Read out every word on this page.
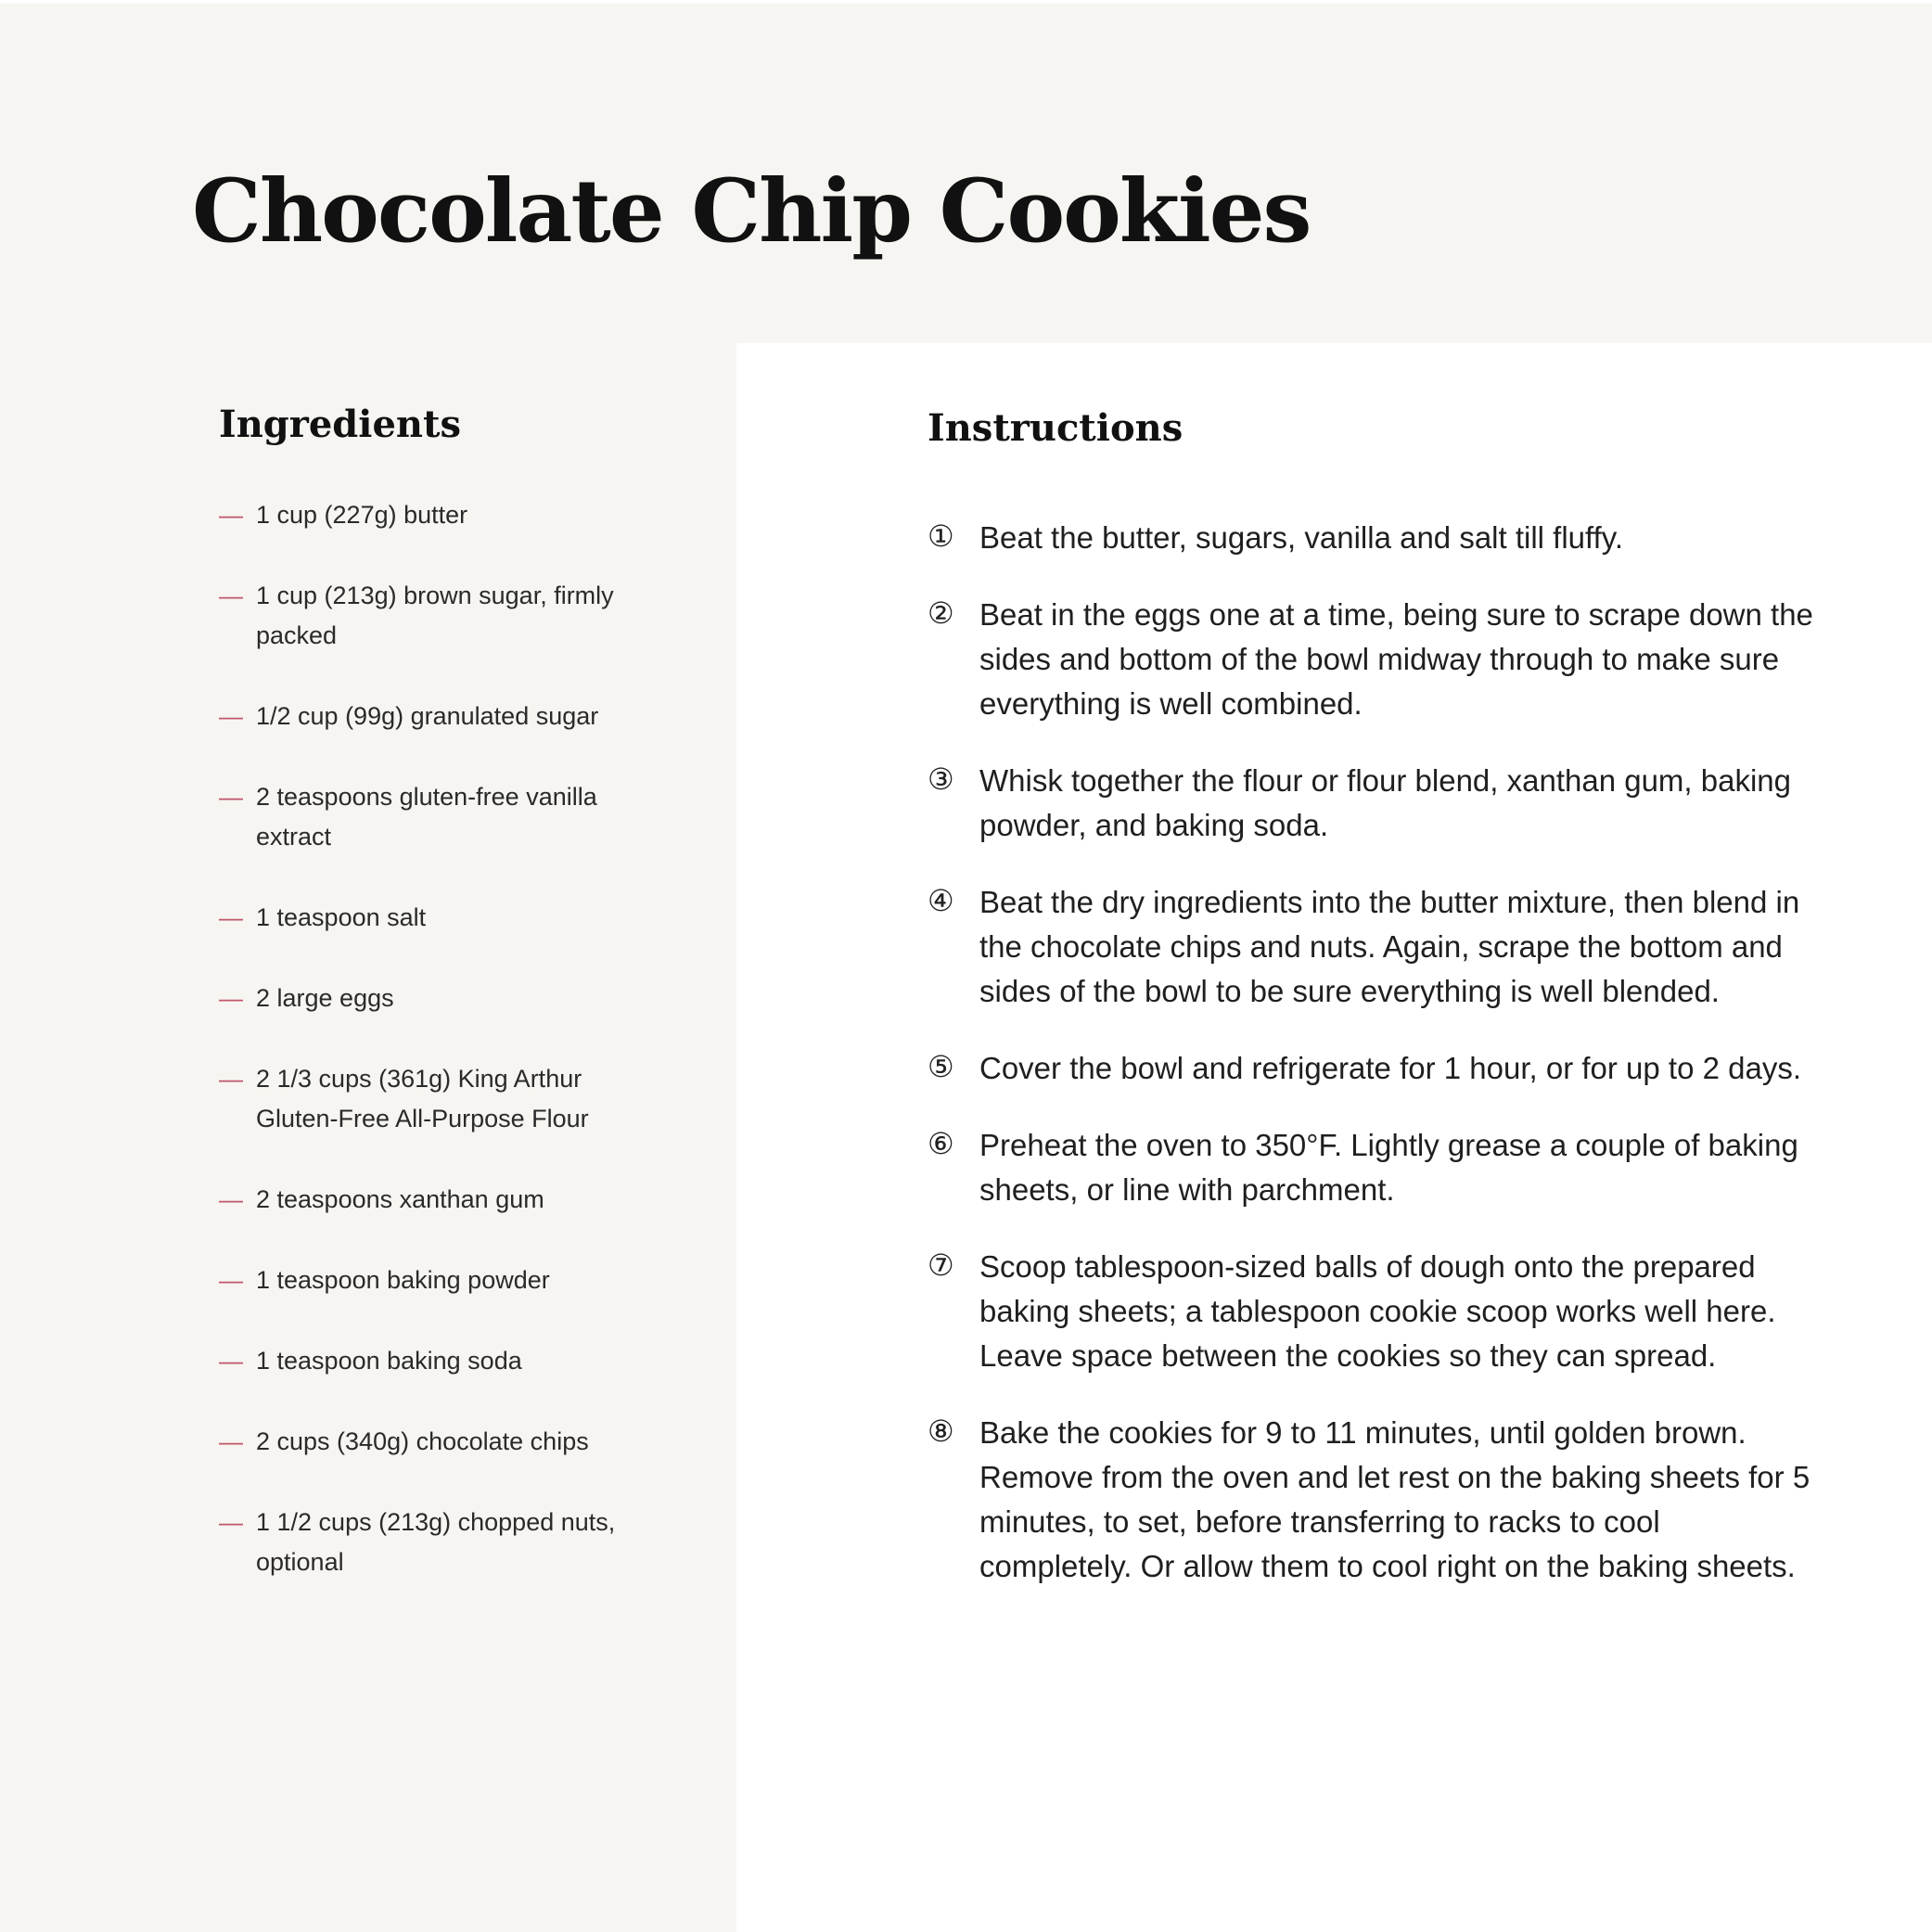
Chocolate Chip Cookies
Ingredients
— 1 cup (227g) butter
— 1 cup (213g) brown sugar, firmly packed
— 1/2 cup (99g) granulated sugar
— 2 teaspoons gluten-free vanilla extract
— 1 teaspoon salt
— 2 large eggs
— 2 1/3 cups (361g) King Arthur Gluten-Free All-Purpose Flour
— 2 teaspoons xanthan gum
— 1 teaspoon baking powder
— 1 teaspoon baking soda
— 2 cups (340g) chocolate chips
— 1 1/2 cups (213g) chopped nuts, optional
Instructions
① Beat the butter, sugars, vanilla and salt till fluffy.
② Beat in the eggs one at a time, being sure to scrape down the sides and bottom of the bowl midway through to make sure everything is well combined.
③ Whisk together the flour or flour blend, xanthan gum, baking powder, and baking soda.
④ Beat the dry ingredients into the butter mixture, then blend in the chocolate chips and nuts. Again, scrape the bottom and sides of the bowl to be sure everything is well blended.
⑤ Cover the bowl and refrigerate for 1 hour, or for up to 2 days.
⑥ Preheat the oven to 350°F. Lightly grease a couple of baking sheets, or line with parchment.
⑦ Scoop tablespoon-sized balls of dough onto the prepared baking sheets; a tablespoon cookie scoop works well here. Leave space between the cookies so they can spread.
⑧ Bake the cookies for 9 to 11 minutes, until golden brown. Remove from the oven and let rest on the baking sheets for 5 minutes, to set, before transferring to racks to cool completely. Or allow them to cool right on the baking sheets.
